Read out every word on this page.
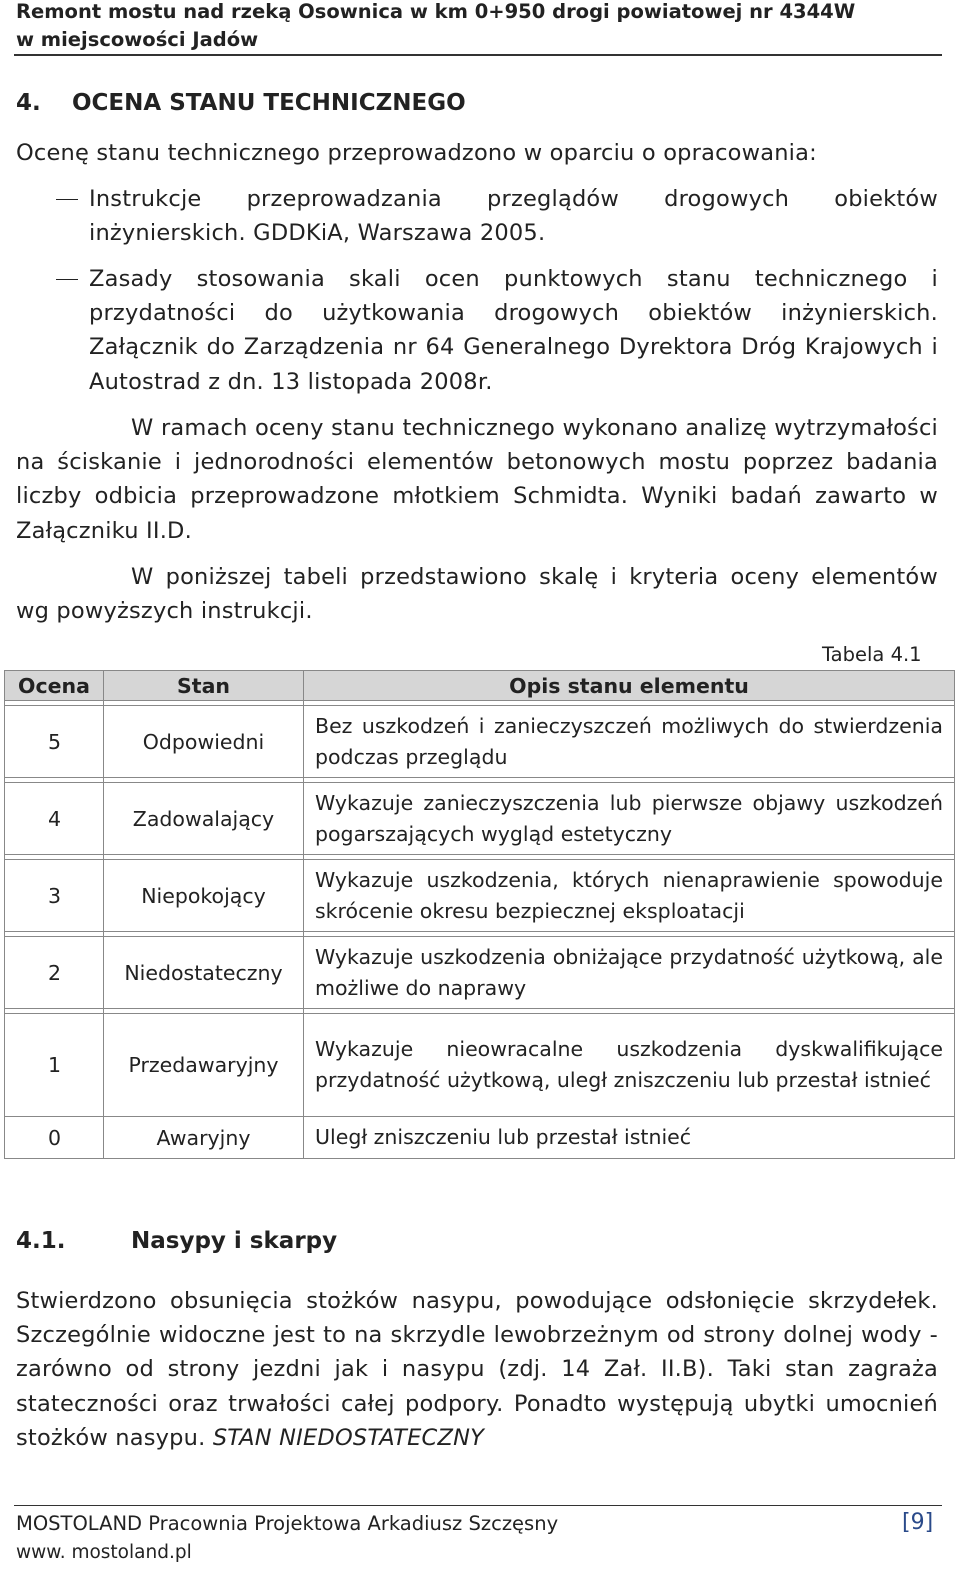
Remont mostu nad rzeką Osownica w km 0+950 drogi powiatowej nr 4344W
w miejscowości Jadów
4. OCENA STANU TECHNICZNEGO
Ocenę stanu technicznego przeprowadzono w oparciu o opracowania:
Instrukcje przeprowadzania przeglądów drogowych obiektów inżynierskich. GDDKiA, Warszawa 2005.
Zasady stosowania skali ocen punktowych stanu technicznego i przydatności do użytkowania drogowych obiektów inżynierskich. Załącznik do Zarządzenia nr 64 Generalnego Dyrektora Dróg Krajowych i Autostrad z dn. 13 listopada 2008r.
W ramach oceny stanu technicznego wykonano analizę wytrzymałości na ściskanie i jednorodności elementów betonowych mostu poprzez badania liczby odbicia przeprowadzone młotkiem Schmidta. Wyniki badań zawarto w Załączniku II.D.
W poniższej tabeli przedstawiono skalę i kryteria oceny elementów wg powyższych instrukcji.
Tabela 4.1
Ocena	Stan	Opis stanu elementu

5	Odpowiedni	Bez uszkodzeń i zanieczyszczeń możliwych do stwierdzenia podczas przeglądu

4	Zadowalający	Wykazuje zanieczyszczenia lub pierwsze objawy uszkodzeń pogarszających wygląd estetyczny

3	Niepokojący	Wykazuje uszkodzenia, których nienaprawienie spowoduje skrócenie okresu bezpiecznej eksploatacji

2	Niedostateczny	Wykazuje uszkodzenia obniżające przydatność użytkową, ale możliwe do naprawy

1	Przedawaryjny	Wykazuje nieowracalne uszkodzenia dyskwalifikujące przydatność użytkową, uległ zniszczeniu lub przestał istnieć
0	Awaryjny	Uległ zniszczeniu lub przestał istnieć
4.1.	Nasypy i skarpy
Stwierdzono obsunięcia stożków nasypu, powodujące odsłonięcie skrzydełek. Szczególnie widoczne jest to na skrzydle lewobrzeżnym od strony dolnej wody - zarówno od strony jezdni jak i nasypu (zdj. 14 Zał. II.B). Taki stan zagraża stateczności oraz trwałości całej podpory. Ponadto występują ubytki umocnień stożków nasypu. STAN NIEDOSTATECZNY
MOSTOLAND Pracownia Projektowa Arkadiusz Szczęsny
www. mostoland.pl
[9]
